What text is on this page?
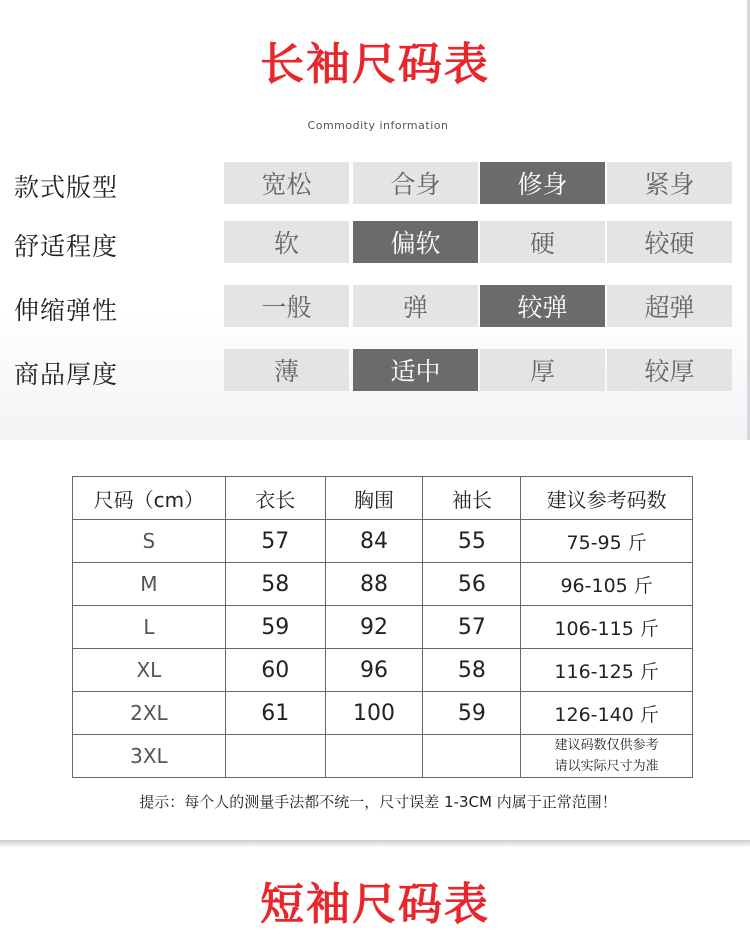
长袖尺码表
Commodity information
款式版型	宽松	合身	修身	紧身
舒适程度	软	偏软	硬	较硬
伸缩弹性	一般	弹	较弹	超弹
商品厚度	薄	适中	厚	较厚
尺码（cm）	衣长	胸围	袖长	建议参考码数
S	57	84	55	75-95 斤
M	58	88	56	96-105 斤
L	59	92	57	106-115 斤
XL	60	96	58	116-125 斤
2XL	61	100	59	126-140 斤
3XL				建议码数仅供参考
请以实际尺寸为准
提示：每个人的测量手法都不统一，尺寸误差 1-3CM 内属于正常范围！
短袖尺码表
